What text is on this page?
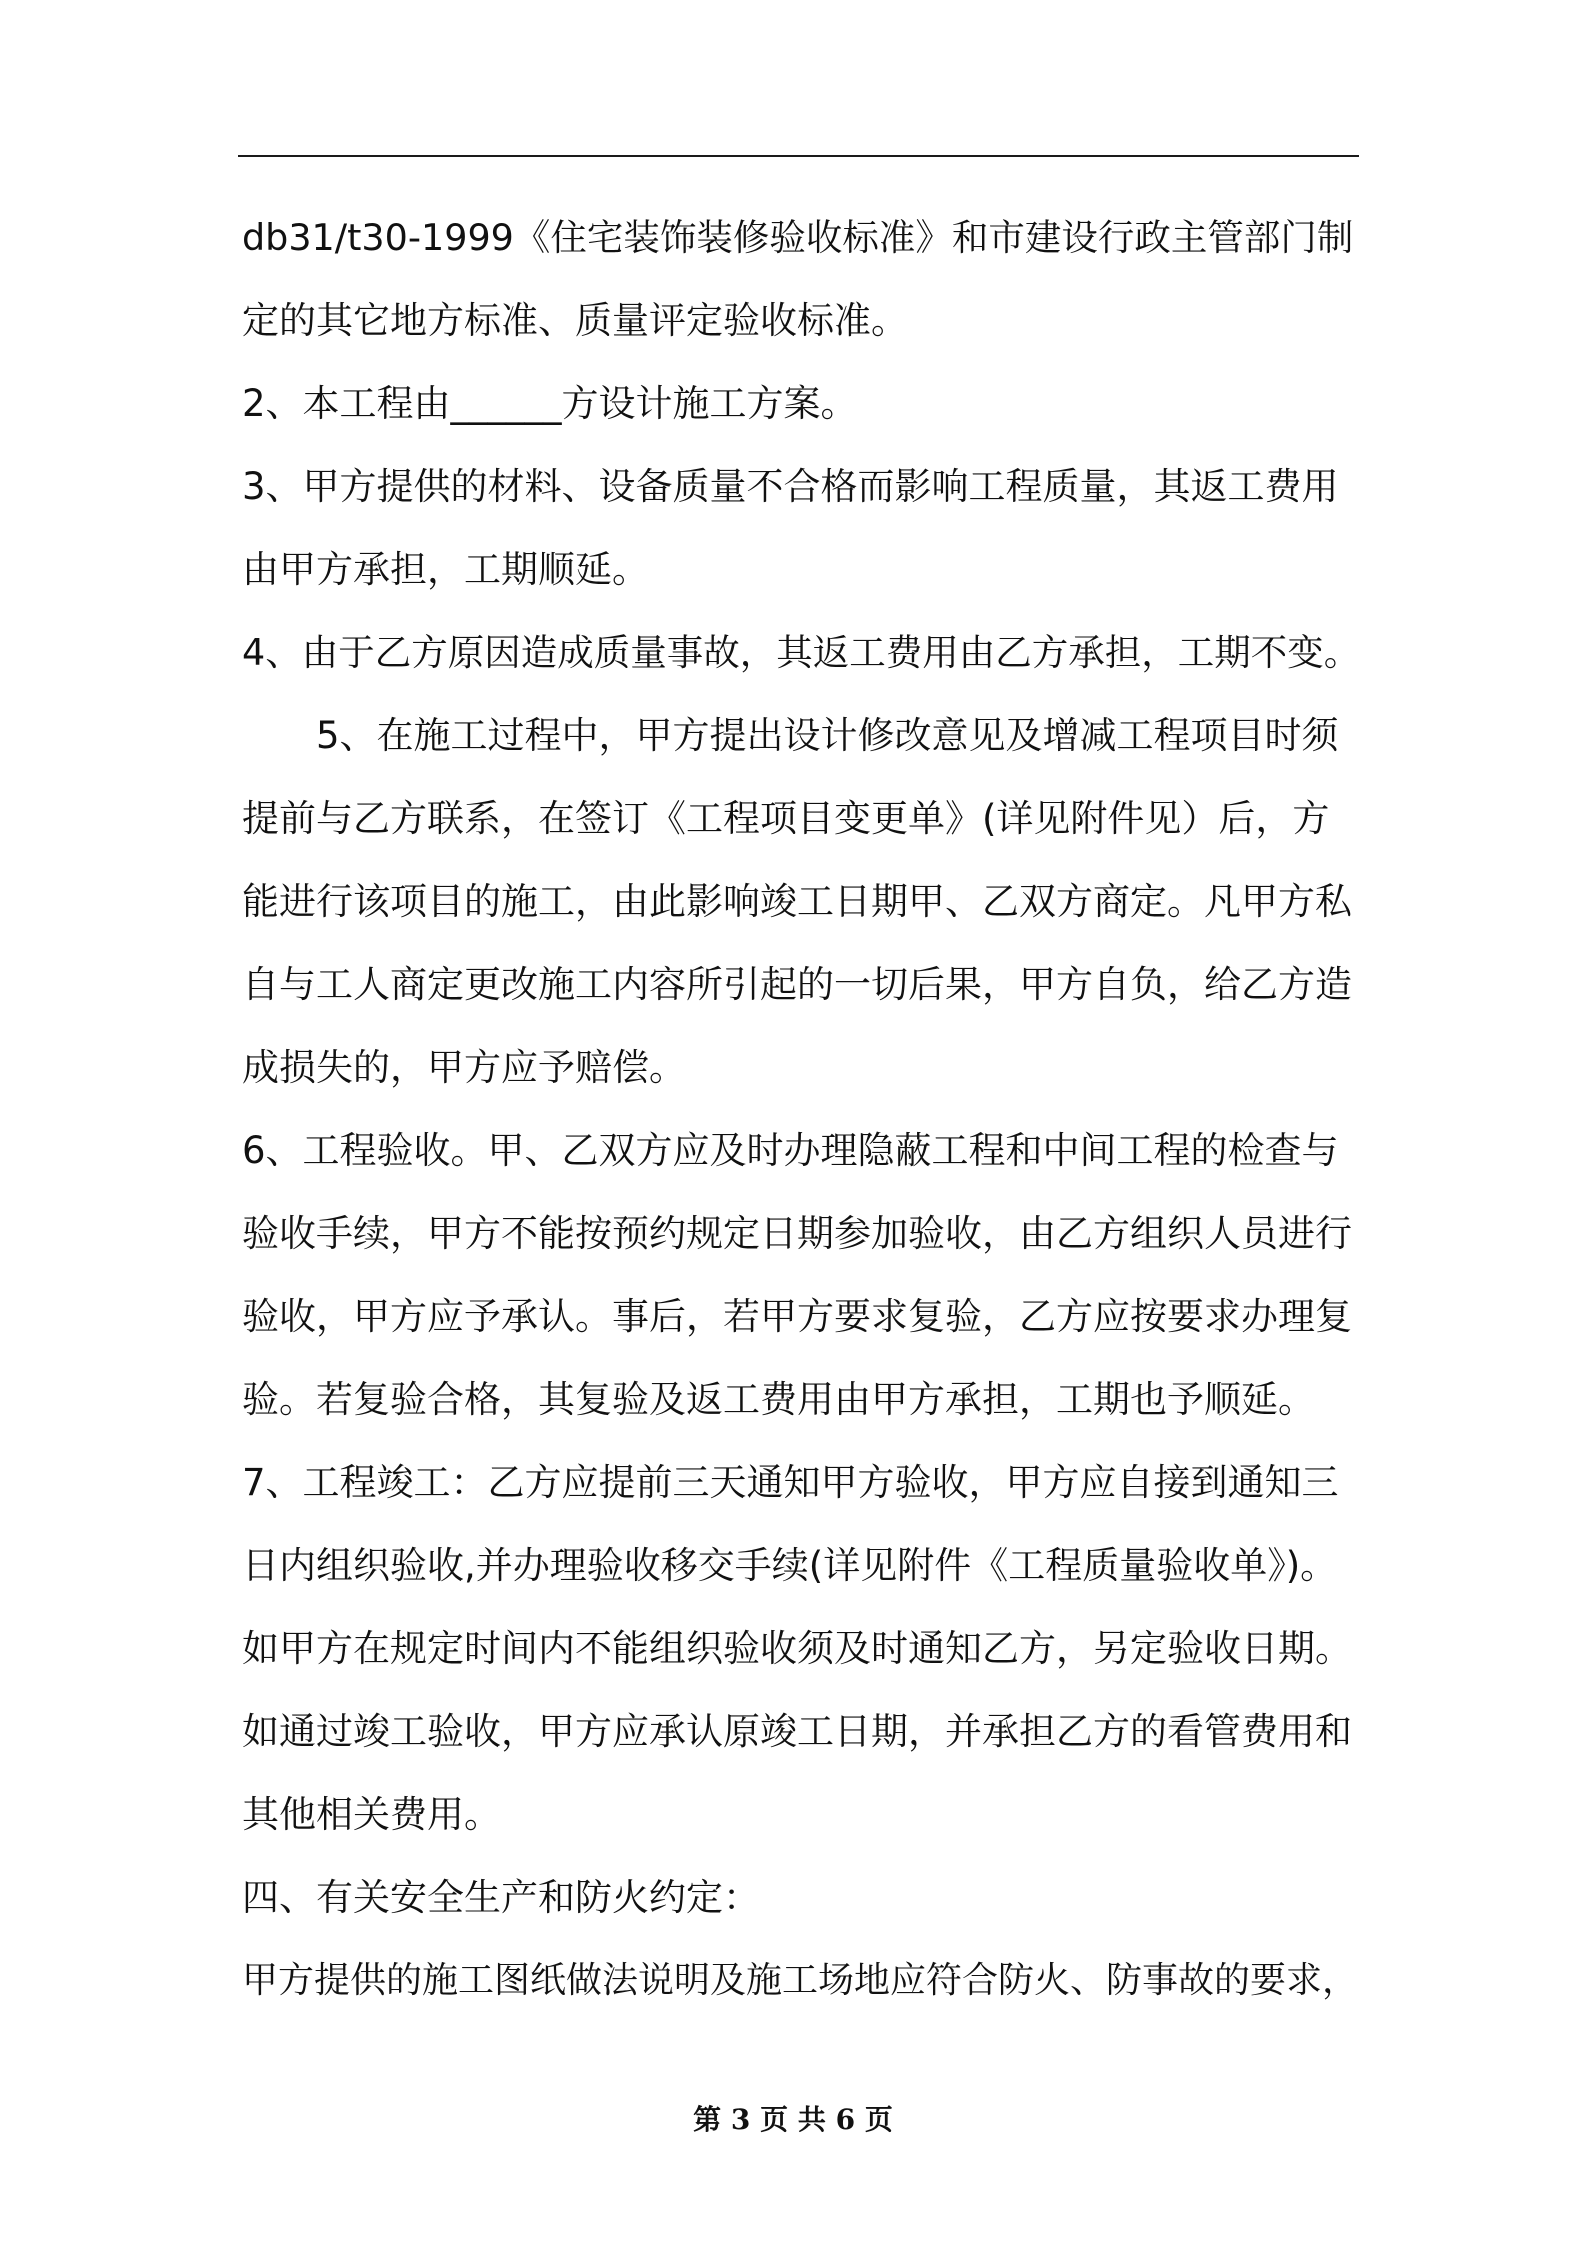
db31/t30-1999《住宅装饰装修验收标准》和市建设行政主管部门制
定的其它地方标准、质量评定验收标准。
2、本工程由______方设计施工方案。
3、甲方提供的材料、设备质量不合格而影响工程质量，其返工费用
由甲方承担，工期顺延。
4、由于乙方原因造成质量事故，其返工费用由乙方承担，工期不变。
5、在施工过程中，甲方提出设计修改意见及增减工程项目时须
提前与乙方联系，在签订《工程项目变更单》(详见附件见）后，方
能进行该项目的施工，由此影响竣工日期甲、乙双方商定。凡甲方私
自与工人商定更改施工内容所引起的一切后果，甲方自负，给乙方造
成损失的，甲方应予赔偿。
6、工程验收。甲、乙双方应及时办理隐蔽工程和中间工程的检查与
验收手续，甲方不能按预约规定日期参加验收，由乙方组织人员进行
验收，甲方应予承认。事后，若甲方要求复验，乙方应按要求办理复
验。若复验合格，其复验及返工费用由甲方承担，工期也予顺延。
7、工程竣工：乙方应提前三天通知甲方验收，甲方应自接到通知三
日内组织验收,并办理验收移交手续(详见附件《工程质量验收单》)。
如甲方在规定时间内不能组织验收须及时通知乙方，另定验收日期。
如通过竣工验收，甲方应承认原竣工日期，并承担乙方的看管费用和
其他相关费用。
四、有关安全生产和防火约定：
甲方提供的施工图纸做法说明及施工场地应符合防火、防事故的要求，
第 3 页 共 6 页
